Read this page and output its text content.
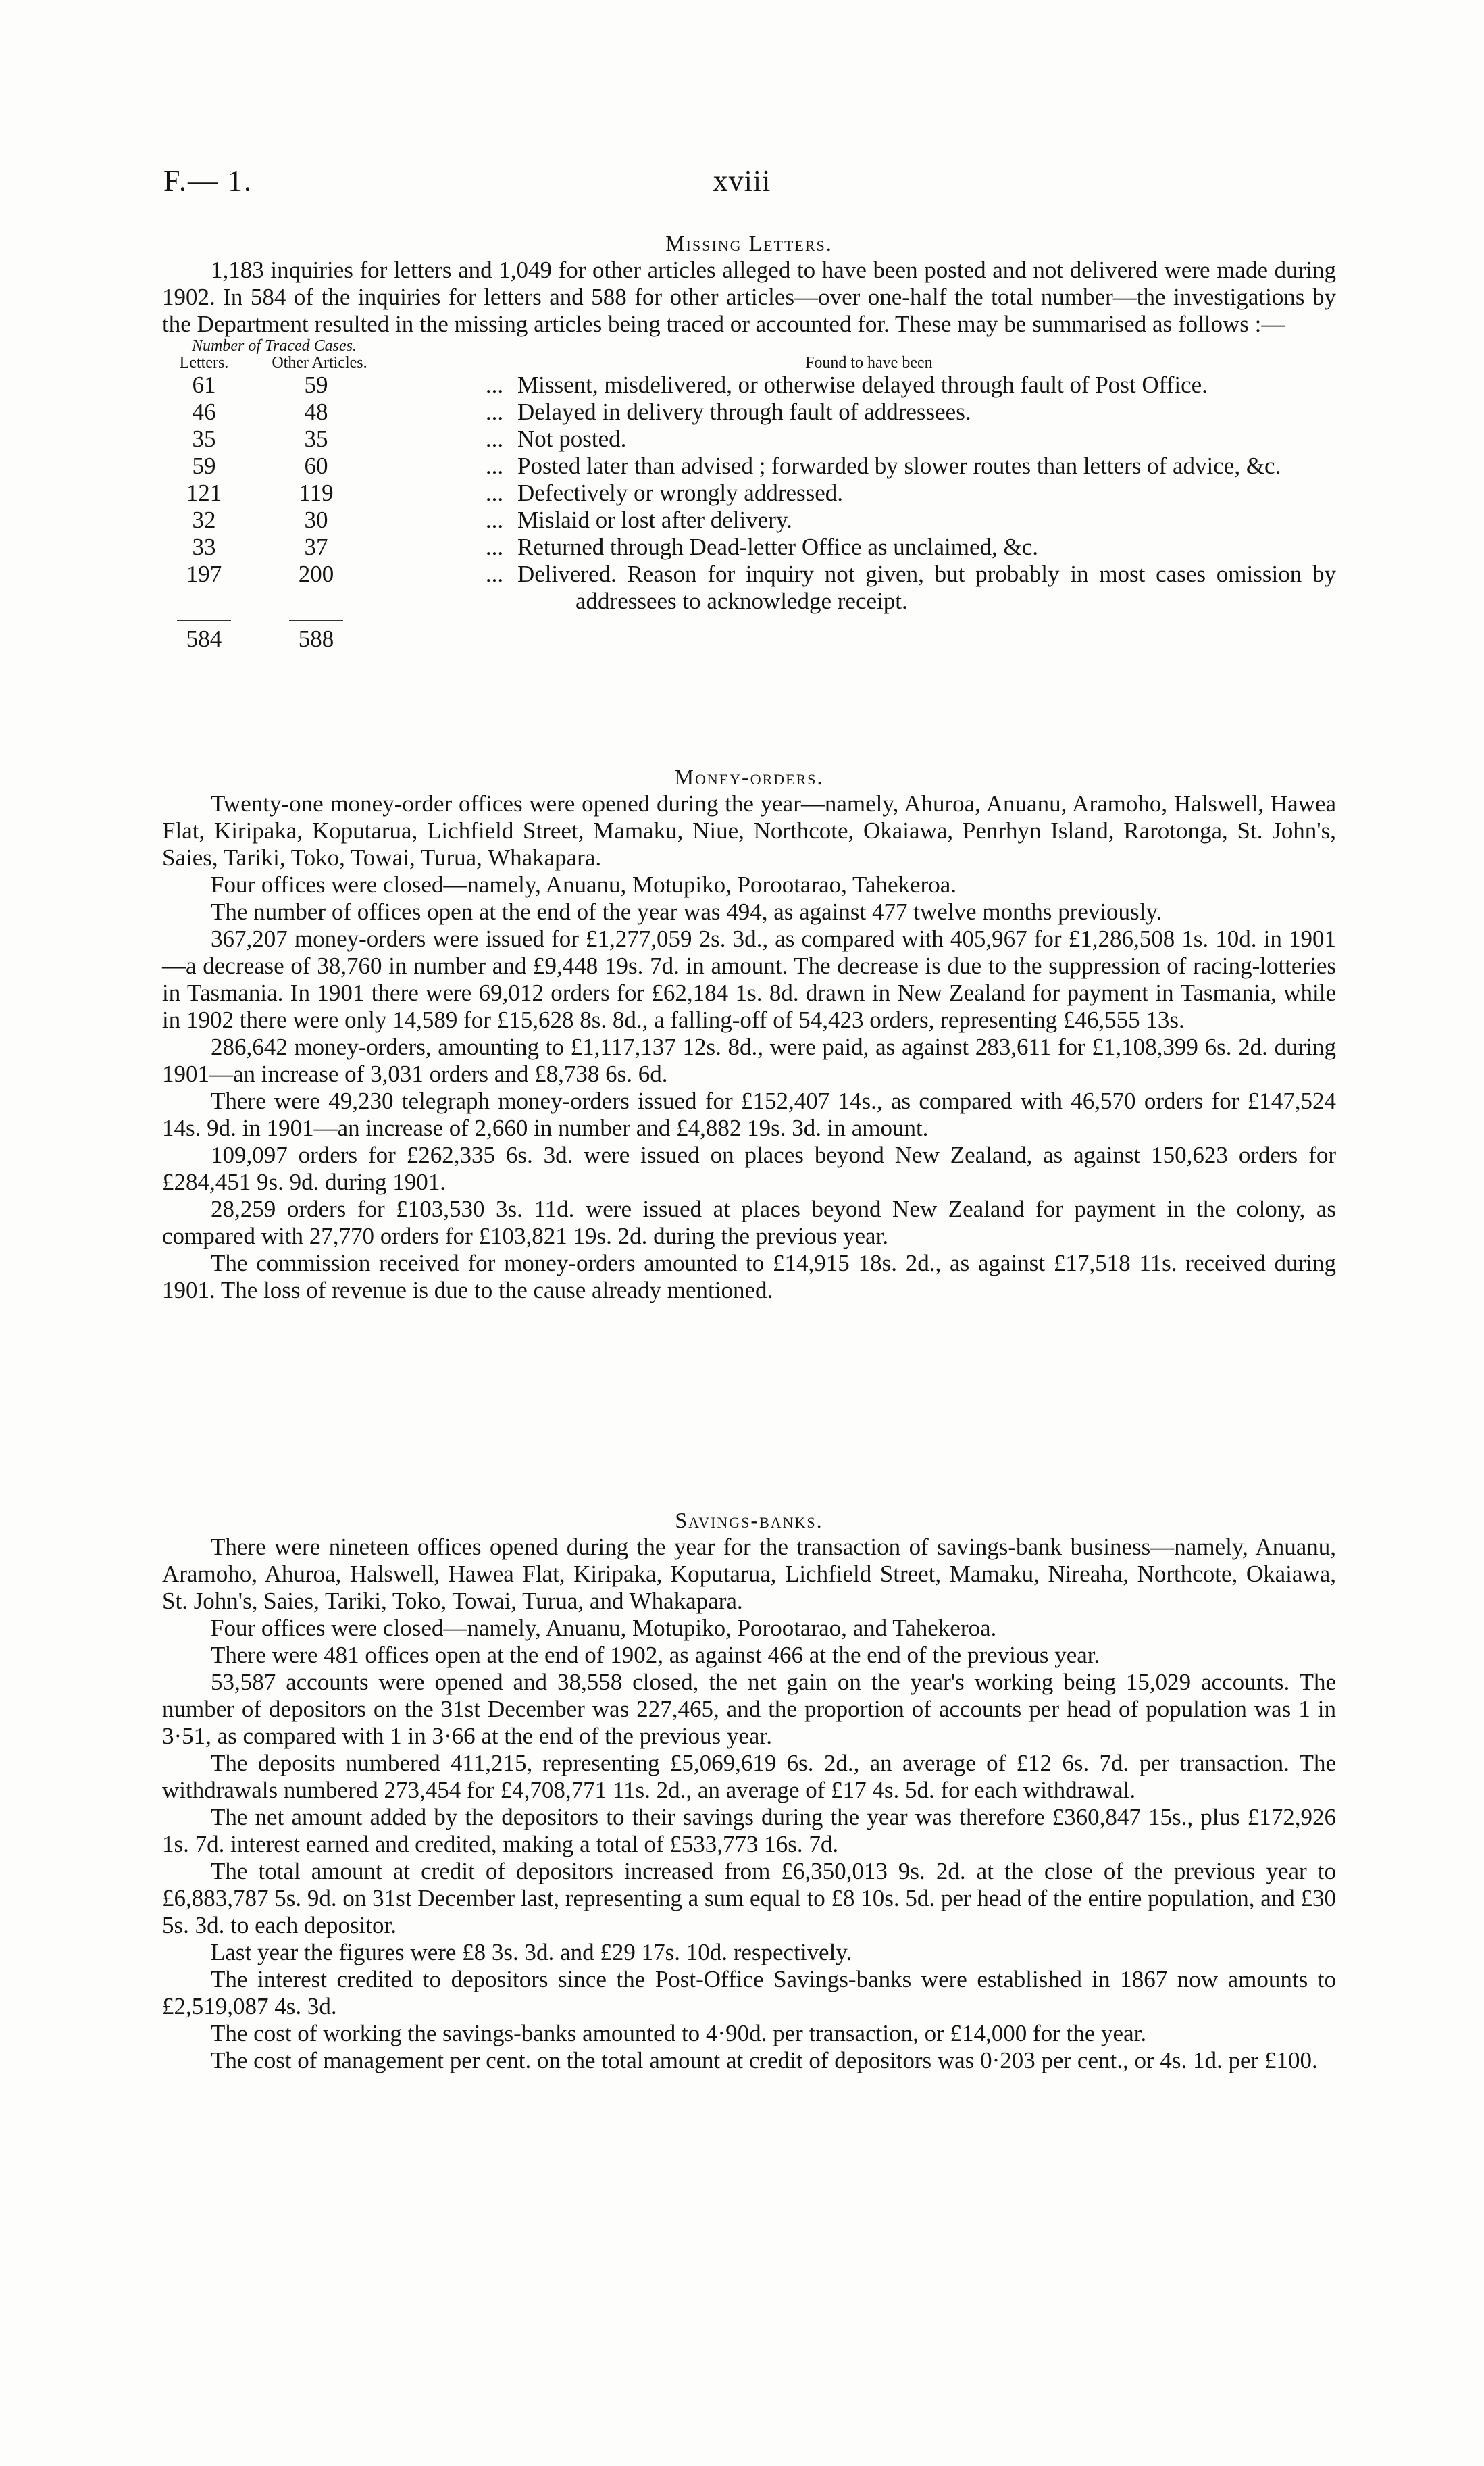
F.— 1.	xviii
Missing Letters.
1,183 inquiries for letters and 1,049 for other articles alleged to have been posted and not delivered were made during 1902. In 584 of the inquiries for letters and 588 for other articles—over one-half the total number—the investigations by the Department resulted in the missing articles being traced or accounted for. These may be summarised as follows :—
Number of Traced Cases.
Letters.	Other Articles.	Found to have been
61	59	... Missent, misdelivered, or otherwise delayed through fault of Post Office.
46	48	... Delayed in delivery through fault of addressees.
35	35	... Not posted.
59	60	... Posted later than advised ; forwarded by slower routes than letters of advice, &c.
121	119	... Defectively or wrongly addressed.
32	30	... Mislaid or lost after delivery.
33	37	... Returned through Dead-letter Office as unclaimed, &c.
197	200	... Delivered. Reason for inquiry not given, but probably in most cases omission by addressees to acknowledge receipt.
584	588

Money-orders.
Twenty-one money-order offices were opened during the year—namely, Ahuroa, Anuanu, Aramoho, Halswell, Hawea Flat, Kiripaka, Koputarua, Lichfield Street, Mamaku, Niue, Northcote, Okaiawa, Penrhyn Island, Rarotonga, St. John's, Saies, Tariki, Toko, Towai, Turua, Whakapara.
Four offices were closed—namely, Anuanu, Motupiko, Porootarao, Tahekeroa.
The number of offices open at the end of the year was 494, as against 477 twelve months previously.
367,207 money-orders were issued for £1,277,059 2s. 3d., as compared with 405,967 for £1,286,508 1s. 10d. in 1901—a decrease of 38,760 in number and £9,448 19s. 7d. in amount. The decrease is due to the suppression of racing-lotteries in Tasmania. In 1901 there were 69,012 orders for £62,184 1s. 8d. drawn in New Zealand for payment in Tasmania, while in 1902 there were only 14,589 for £15,628 8s. 8d., a falling-off of 54,423 orders, representing £46,555 13s.
286,642 money-orders, amounting to £1,117,137 12s. 8d., were paid, as against 283,611 for £1,108,399 6s. 2d. during 1901—an increase of 3,031 orders and £8,738 6s. 6d.
There were 49,230 telegraph money-orders issued for £152,407 14s., as compared with 46,570 orders for £147,524 14s. 9d. in 1901—an increase of 2,660 in number and £4,882 19s. 3d. in amount.
109,097 orders for £262,335 6s. 3d. were issued on places beyond New Zealand, as against 150,623 orders for £284,451 9s. 9d. during 1901.
28,259 orders for £103,530 3s. 11d. were issued at places beyond New Zealand for payment in the colony, as compared with 27,770 orders for £103,821 19s. 2d. during the previous year.
The commission received for money-orders amounted to £14,915 18s. 2d., as against £17,518 11s. received during 1901. The loss of revenue is due to the cause already mentioned.
Savings-banks.
There were nineteen offices opened during the year for the transaction of savings-bank business—namely, Anuanu, Aramoho, Ahuroa, Halswell, Hawea Flat, Kiripaka, Koputarua, Lichfield Street, Mamaku, Nireaha, Northcote, Okaiawa, St. John's, Saies, Tariki, Toko, Towai, Turua, and Whakapara.
Four offices were closed—namely, Anuanu, Motupiko, Porootarao, and Tahekeroa.
There were 481 offices open at the end of 1902, as against 466 at the end of the previous year.
53,587 accounts were opened and 38,558 closed, the net gain on the year's working being 15,029 accounts. The number of depositors on the 31st December was 227,465, and the proportion of accounts per head of population was 1 in 3·51, as compared with 1 in 3·66 at the end of the previous year.
The deposits numbered 411,215, representing £5,069,619 6s. 2d., an average of £12 6s. 7d. per transaction. The withdrawals numbered 273,454 for £4,708,771 11s. 2d., an average of £17 4s. 5d. for each withdrawal.
The net amount added by the depositors to their savings during the year was therefore £360,847 15s., plus £172,926 1s. 7d. interest earned and credited, making a total of £533,773 16s. 7d.
The total amount at credit of depositors increased from £6,350,013 9s. 2d. at the close of the previous year to £6,883,787 5s. 9d. on 31st December last, representing a sum equal to £8 10s. 5d. per head of the entire population, and £30 5s. 3d. to each depositor.
Last year the figures were £8 3s. 3d. and £29 17s. 10d. respectively.
The interest credited to depositors since the Post-Office Savings-banks were established in 1867 now amounts to £2,519,087 4s. 3d.
The cost of working the savings-banks amounted to 4·90d. per transaction, or £14,000 for the year.
The cost of management per cent. on the total amount at credit of depositors was 0·203 per cent., or 4s. 1d. per £100.
